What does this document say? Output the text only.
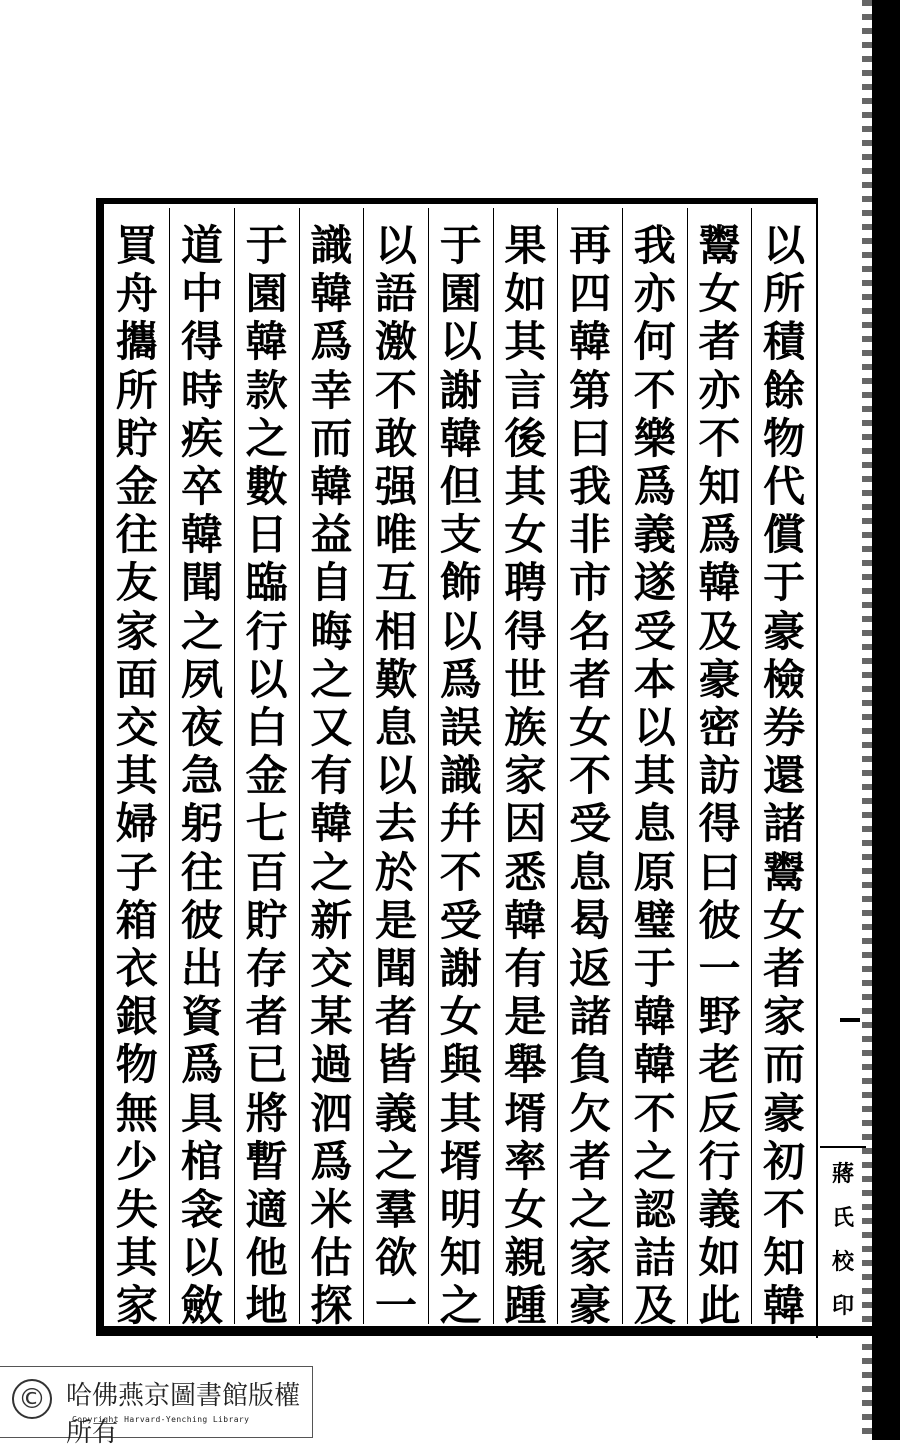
以所積餘物代償于豪檢券還諸鬻女者家而豪初不知韓
鬻女者亦不知爲韓及豪密訪得曰彼一野老反行義如此
我亦何不樂爲義遂受本以其息原璧于韓韓不之認詰及
再四韓第曰我非市名者女不受息曷返諸負欠者之家豪
果如其言後其女聘得世族家因悉韓有是舉壻率女親踵
于園以謝韓但支飾以爲誤識幷不受謝女與其壻明知之
以語激不敢强唯互相歎息以去於是聞者皆義之羣欲一
識韓爲幸而韓益自晦之又有韓之新交某過泗爲米估探
于園韓款之數日臨行以白金七百貯存者已將暫適他地
道中得時疾卒韓聞之夙夜急躬往彼出資爲具棺衾以斂
買舟攜所貯金往友家面交其婦子箱衣銀物無少失其家
蔣
氏
校
印
© 哈佛燕京圖書館版權所有
Copyright Harvard-Yenching Library
